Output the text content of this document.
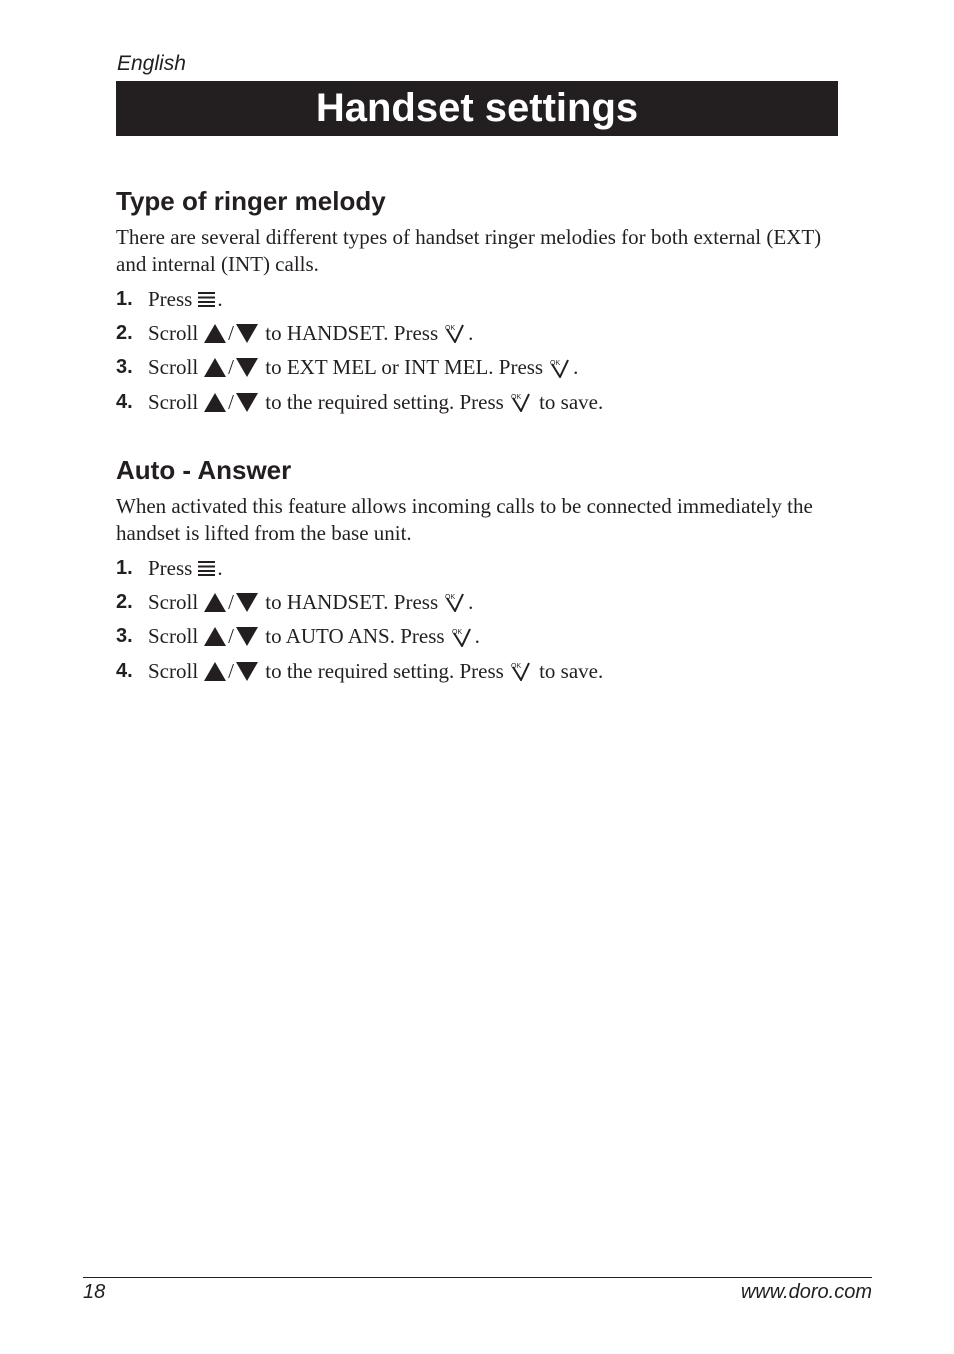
English
Handset settings
Type of ringer melody

There are several different types of handset ringer melodies for both external (EXT) and internal (INT) calls.

1. Press .
2. Scroll /
to HANDSET. Press OK .
3. Scroll /
to EXT MEL or INT MEL. Press OK .
4. Scroll /
to the required setting. Press OK
to save.
Auto - Answer

When activated this feature allows incoming calls to be connected immediately the handset is lifted from the base unit.

1. Press .
2. Scroll /
to HANDSET. Press OK .
3. Scroll /
to AUTO ANS. Press OK .
4. Scroll /
to the required setting. Press OK
to save.
18	www.doro.com
